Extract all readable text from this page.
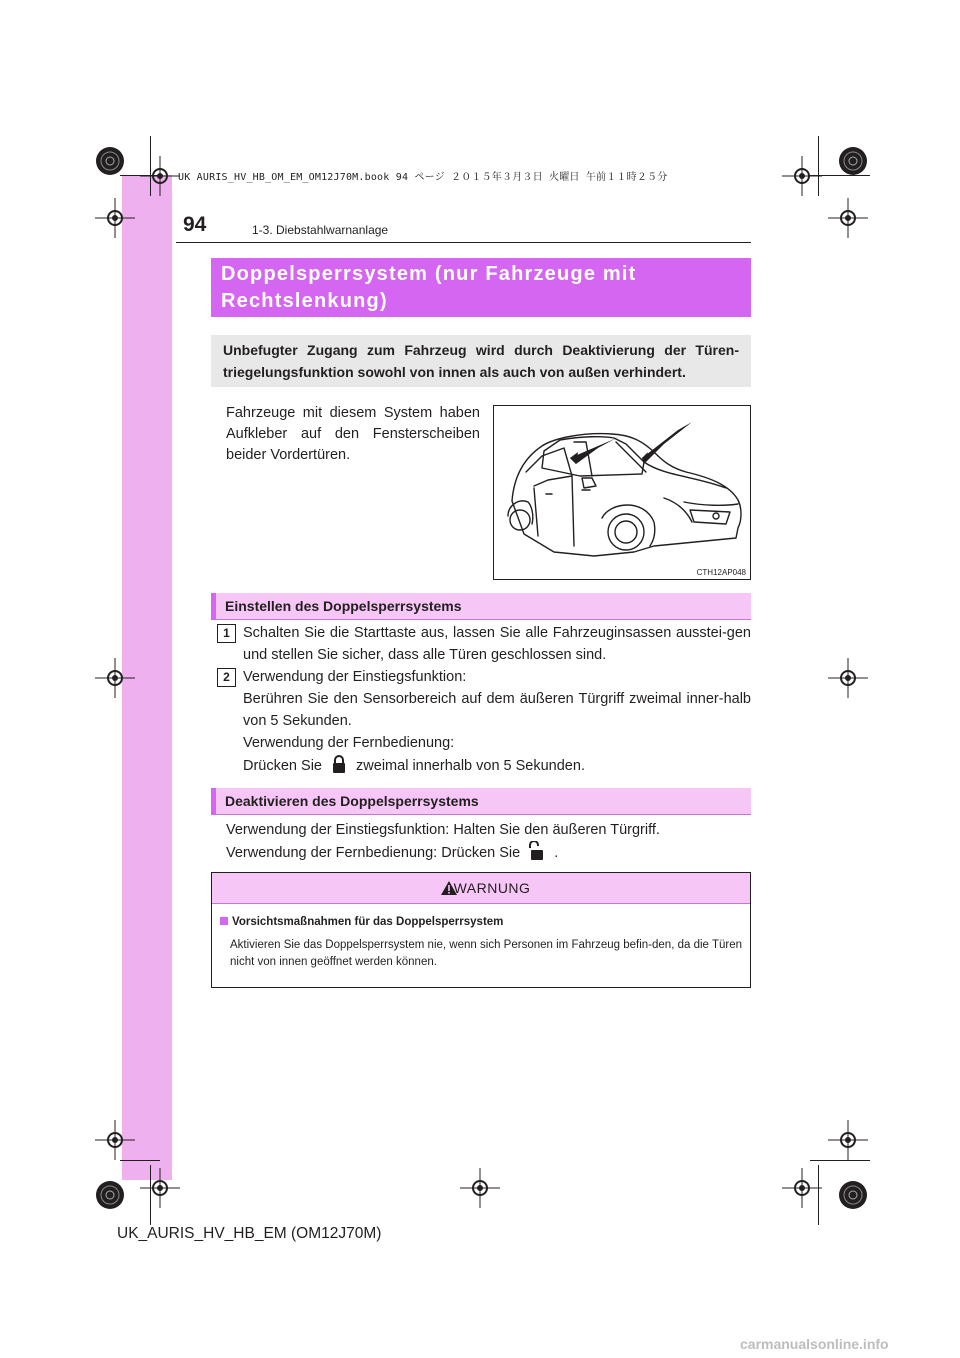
UK AURIS_HV_HB_OM_EM_OM12J70M.book 94 ページ ２０１５年３月３日 火曜日 午前１１時２５分
94	1-3. Diebstahlwarnanlage
Doppelsperrsystem (nur Fahrzeuge mit Rechtslenkung)
Unbefugter Zugang zum Fahrzeug wird durch Deaktivierung der Türen-triegelungsfunktion sowohl von innen als auch von außen verhindert.
Fahrzeuge mit diesem System haben Aufkleber auf den Fensterscheiben beider Vordertüren.
CTH12AP048
Einstellen des Doppelsperrsystems
1 Schalten Sie die Starttaste aus, lassen Sie alle Fahrzeuginsassen ausstei-gen und stellen Sie sicher, dass alle Türen geschlossen sind.
2 Verwendung der Einstiegsfunktion:
Berühren Sie den Sensorbereich auf dem äußeren Türgriff zweimal inner-halb von 5 Sekunden.
Verwendung der Fernbedienung:
Drücken Sie zweimal innerhalb von 5 Sekunden.
Deaktivieren des Doppelsperrsystems
Verwendung der Einstiegsfunktion: Halten Sie den äußeren Türgriff.
Verwendung der Fernbedienung: Drücken Sie .
WARNUNG
Vorsichtsmaßnahmen für das Doppelsperrsystem
Aktivieren Sie das Doppelsperrsystem nie, wenn sich Personen im Fahrzeug befin-den, da die Türen nicht von innen geöffnet werden können.
UK_AURIS_HV_HB_EM (OM12J70M)
carmanualsonline.info
